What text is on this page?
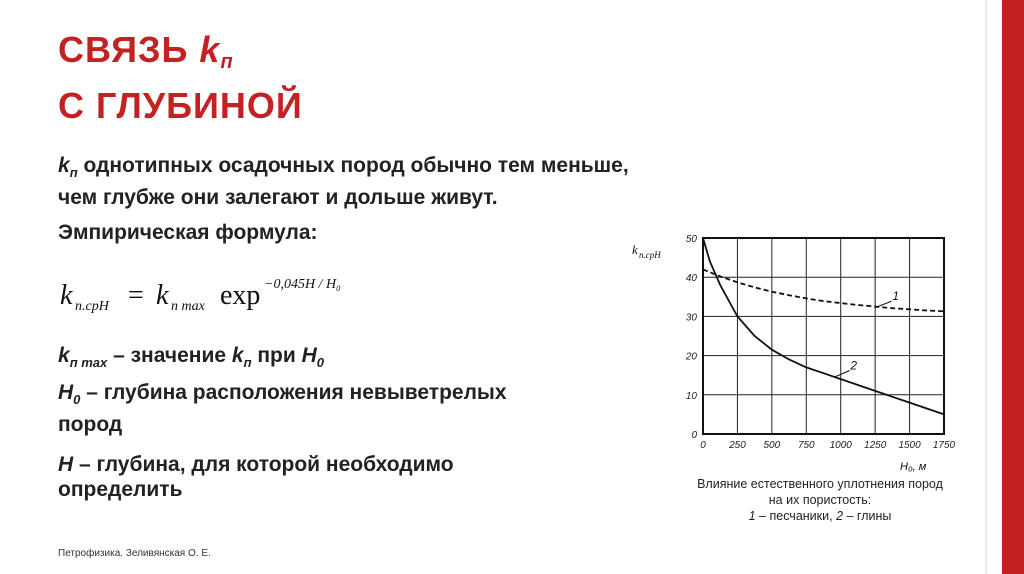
СВЯЗЬ $k_п$
С ГЛУБИНОЙ
$k_п$ однотипных осадочных пород обычно тем меньше,
чем глубже они залегают и дольше живут.
Эмпирическая формула:
k n.cpH = k n max exp −0,045H / H₀
$k_{п max}$ – значение $k_п$ при $H_0$
$H_0$ – глубина расположения невыветрелых
пород
H – глубина, для которой необходимо
определить
Петрофизика. Зеливянская О. Е.
0 250 500 750 1000 1250 1500 1750
0
10
20
30
40
50
k n.cpH
H₀, м
1
2
Влияние естественного уплотнения пород
на их пористость:
1 – песчаники, 2 – глины
